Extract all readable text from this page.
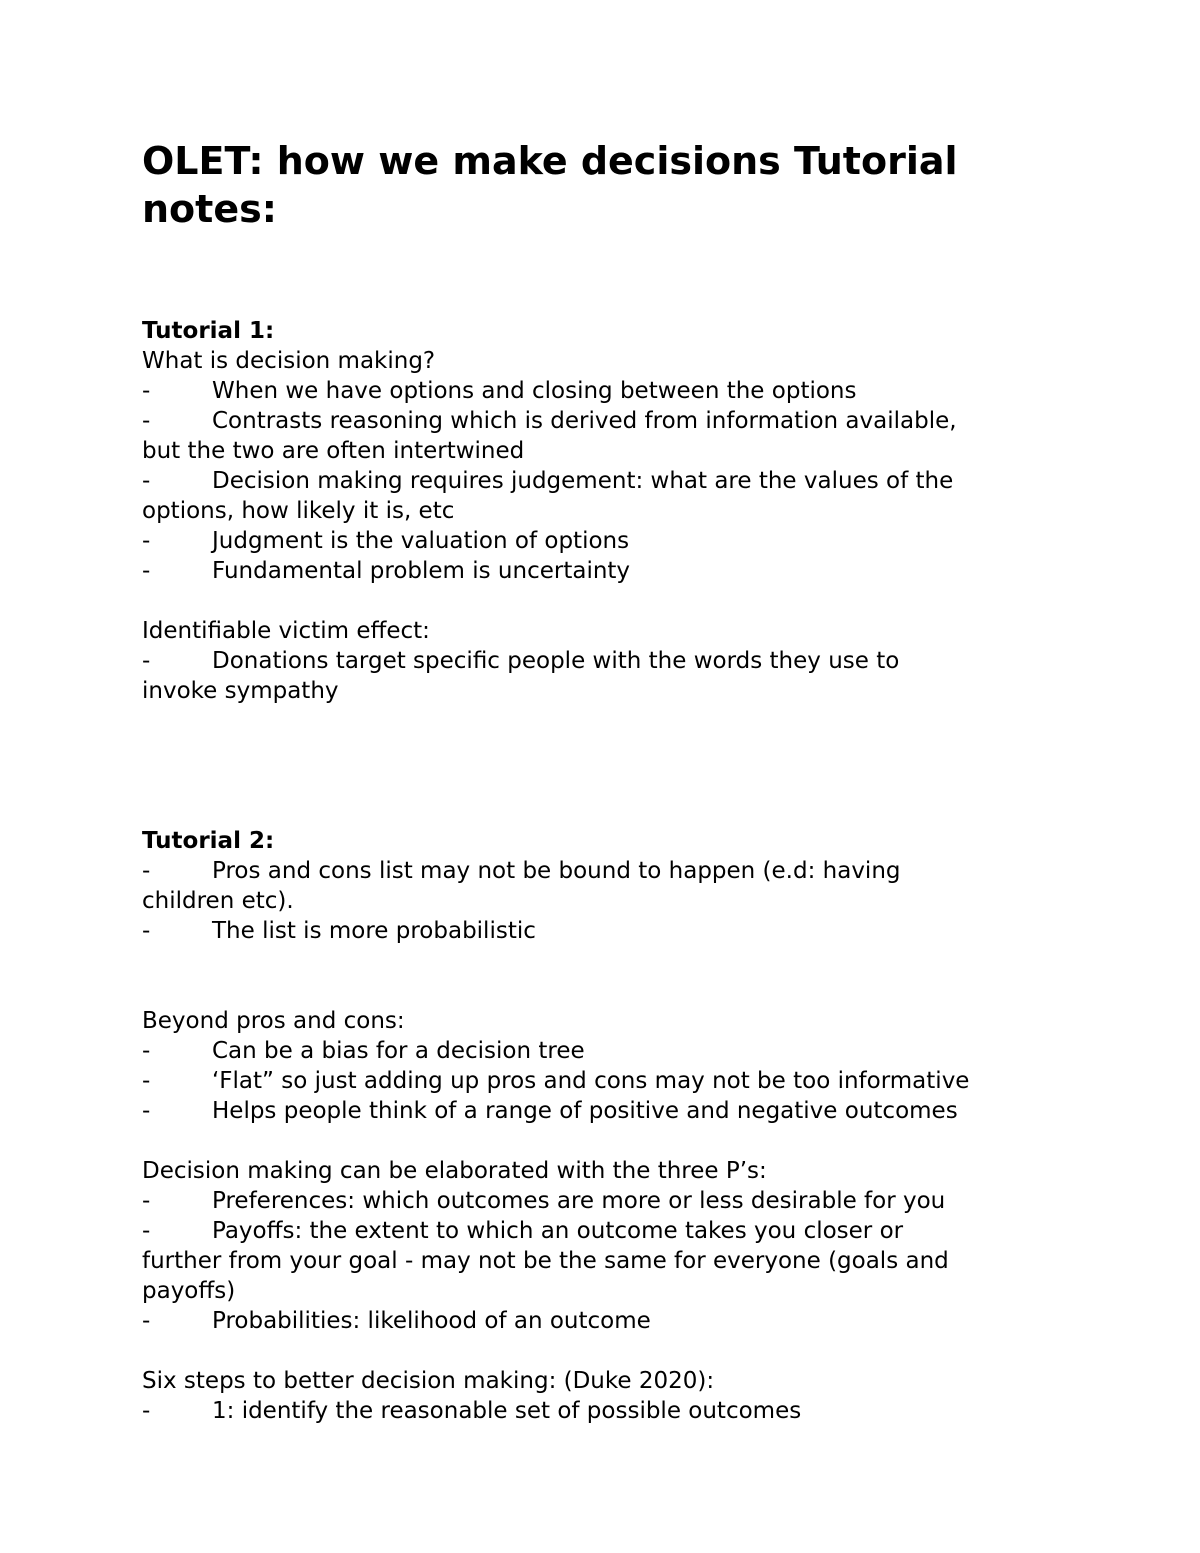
OLET: how we make decisions Tutorial notes:
Tutorial 1:
What is decision making?
-	When we have options and closing between the options
-	Contrasts reasoning which is derived from information available,
but the two are often intertwined
-	Decision making requires judgement: what are the values of the
options, how likely it is, etc
-	Judgment is the valuation of options
-	Fundamental problem is uncertainty
Identifiable victim effect:
-	Donations target specific people with the words they use to
invoke sympathy
Tutorial 2:
-	Pros and cons list may not be bound to happen (e.d: having
children etc).
-	The list is more probabilistic
Beyond pros and cons:
-	Can be a bias for a decision tree
-	‘Flat” so just adding up pros and cons may not be too informative
-	Helps people think of a range of positive and negative outcomes
Decision making can be elaborated with the three P’s:
-	Preferences: which outcomes are more or less desirable for you
-	Payoffs: the extent to which an outcome takes you closer or
further from your goal - may not be the same for everyone (goals and
payoffs)
-	Probabilities: likelihood of an outcome
Six steps to better decision making: (Duke 2020):
-	1: identify the reasonable set of possible outcomes
